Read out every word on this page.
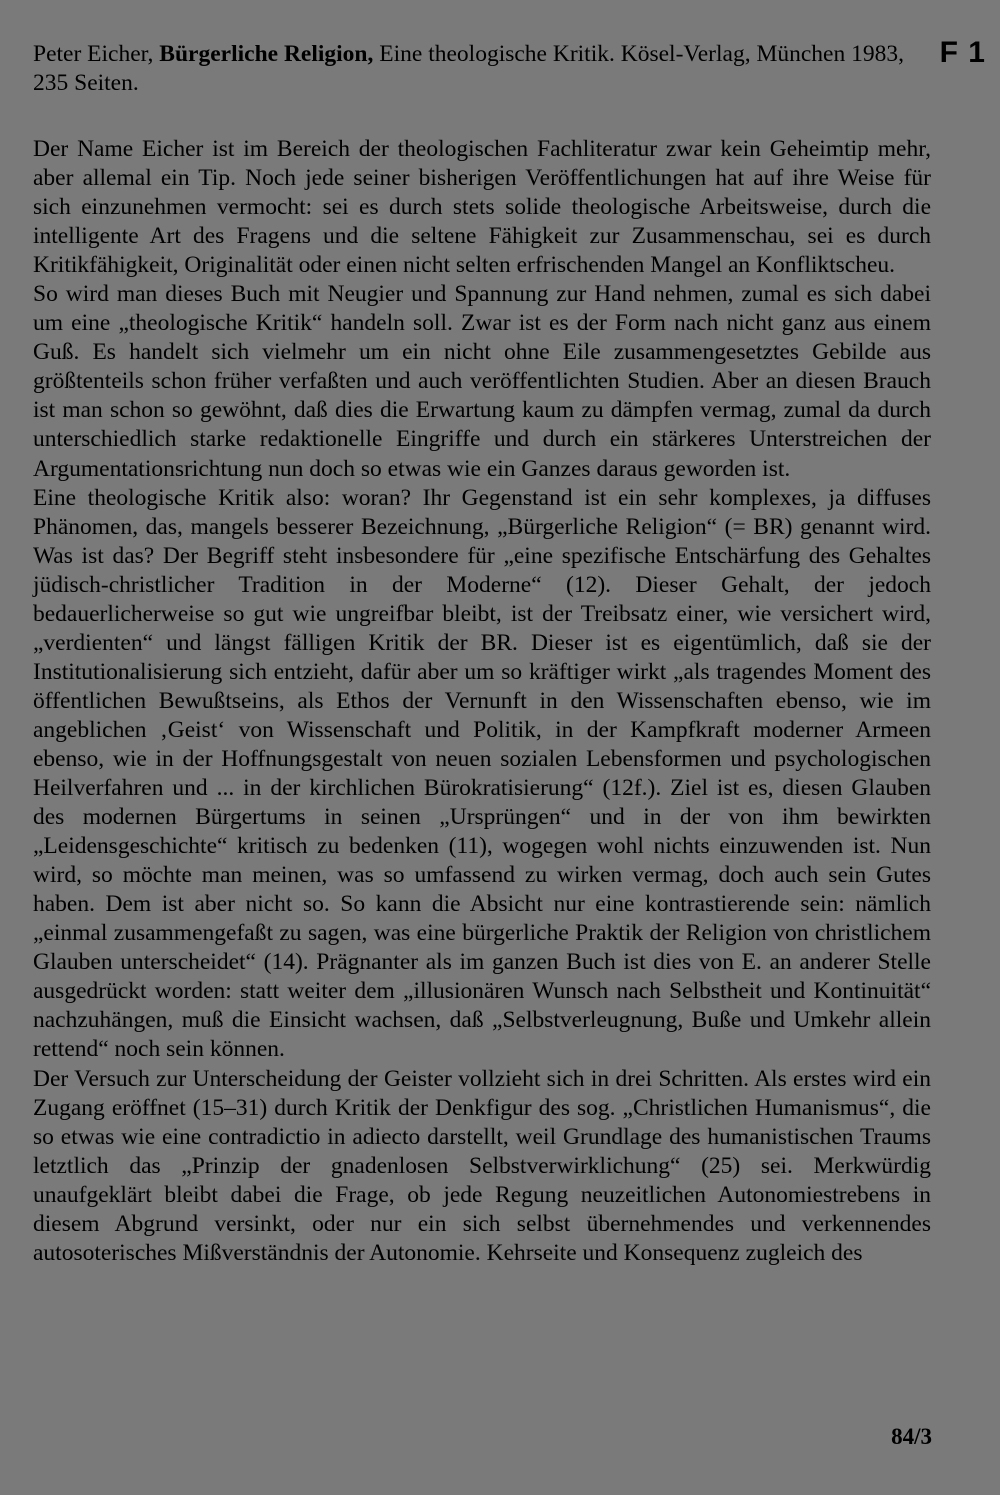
F 1
Peter Eicher, Bürgerliche Religion, Eine theologische Kritik. Kösel-Verlag, München 1983, 235 Seiten.

Der Name Eicher ist im Bereich der theologischen Fachliteratur zwar kein Geheimtip mehr, aber allemal ein Tip. Noch jede seiner bisherigen Veröffentlichungen hat auf ihre Weise für sich einzunehmen vermocht: sei es durch stets solide theologische Arbeitsweise, durch die intelligente Art des Fragens und die seltene Fähigkeit zur Zusammenschau, sei es durch Kritikfähigkeit, Originalität oder einen nicht selten erfrischenden Mangel an Konfliktscheu.

So wird man dieses Buch mit Neugier und Spannung zur Hand nehmen, zumal es sich dabei um eine „theologische Kritik“ handeln soll. Zwar ist es der Form nach nicht ganz aus einem Guß. Es handelt sich vielmehr um ein nicht ohne Eile zusammengesetztes Gebilde aus größtenteils schon früher verfaßten und auch veröffentlichten Studien. Aber an diesen Brauch ist man schon so gewöhnt, daß dies die Erwartung kaum zu dämpfen vermag, zumal da durch unterschiedlich starke redaktionelle Eingriffe und durch ein stärkeres Unterstreichen der Argumentationsrichtung nun doch so etwas wie ein Ganzes daraus geworden ist.

Eine theologische Kritik also: woran? Ihr Gegenstand ist ein sehr komplexes, ja diffuses Phänomen, das, mangels besserer Bezeichnung, „Bürgerliche Religion“ (= BR) genannt wird. Was ist das? Der Begriff steht insbesondere für „eine spezifische Entschärfung des Gehaltes jüdisch-christlicher Tradition in der Moderne“ (12). Dieser Gehalt, der jedoch bedauerlicherweise so gut wie ungreifbar bleibt, ist der Treibsatz einer, wie versichert wird, „verdienten“ und längst fälligen Kritik der BR. Dieser ist es eigentümlich, daß sie der Institutionalisierung sich entzieht, dafür aber um so kräftiger wirkt „als tragendes Moment des öffentlichen Bewußtseins, als Ethos der Vernunft in den Wissenschaften ebenso, wie im angeblichen ‚Geist‘ von Wissenschaft und Politik, in der Kampfkraft moderner Armeen ebenso, wie in der Hoffnungsgestalt von neuen sozialen Lebensformen und psychologischen Heilverfahren und ... in der kirchlichen Bürokratisierung“ (12f.). Ziel ist es, diesen Glauben des modernen Bürgertums in seinen „Ursprüngen“ und in der von ihm bewirkten „Leidensgeschichte“ kritisch zu bedenken (11), wogegen wohl nichts einzuwenden ist. Nun wird, so möchte man meinen, was so umfassend zu wirken vermag, doch auch sein Gutes haben. Dem ist aber nicht so. So kann die Absicht nur eine kontrastierende sein: nämlich „einmal zusammengefaßt zu sagen, was eine bürgerliche Praktik der Religion von christlichem Glauben unterscheidet“ (14). Prägnanter als im ganzen Buch ist dies von E. an anderer Stelle ausgedrückt worden: statt weiter dem „illusionären Wunsch nach Selbstheit und Kontinuität“ nachzuhängen, muß die Einsicht wachsen, daß „Selbstverleugnung, Buße und Umkehr allein rettend“ noch sein können.

Der Versuch zur Unterscheidung der Geister vollzieht sich in drei Schritten. Als erstes wird ein Zugang eröffnet (15–31) durch Kritik der Denkfigur des sog. „Christlichen Humanismus“, die so etwas wie eine contradictio in adiecto darstellt, weil Grundlage des humanistischen Traums letztlich das „Prinzip der gnadenlosen Selbstverwirklichung“ (25) sei. Merkwürdig unaufgeklärt bleibt dabei die Frage, ob jede Regung neuzeitlichen Autonomiestrebens in diesem Abgrund versinkt, oder nur ein sich selbst übernehmendes und verkennendes autosoterisches Mißverständnis der Autonomie. Kehrseite und Konsequenz zugleich des

84/3
